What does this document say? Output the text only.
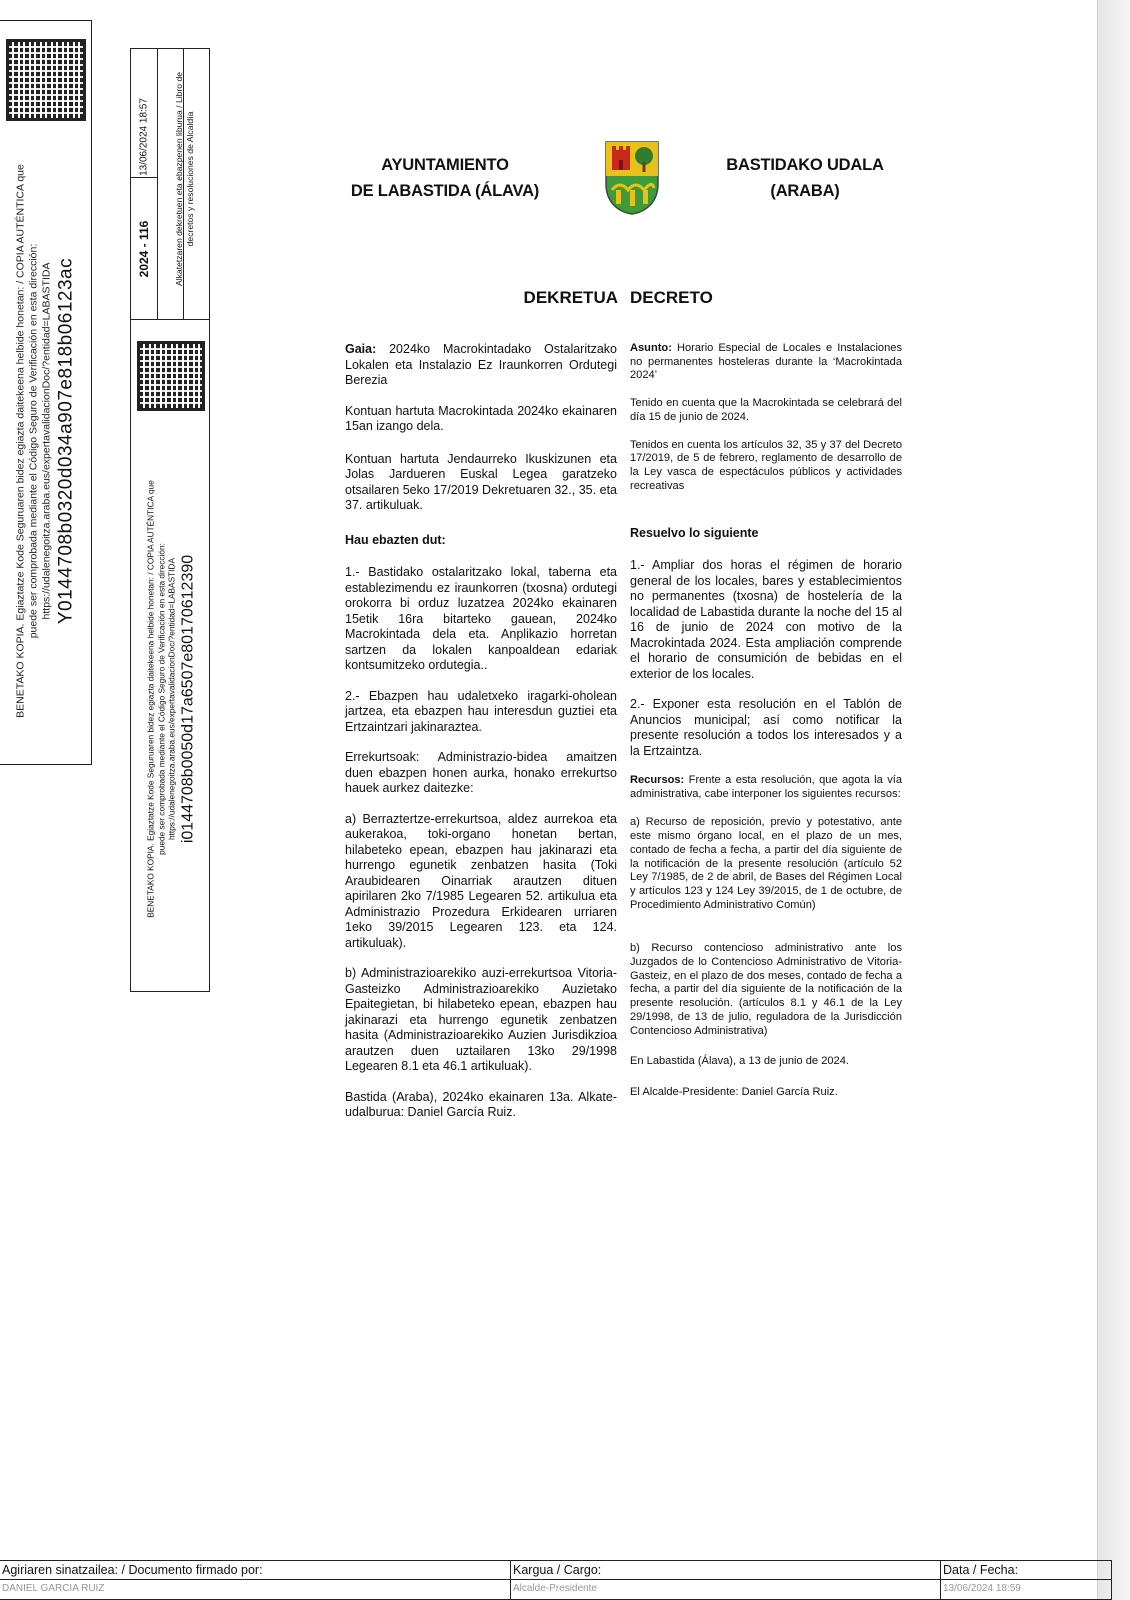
BENETAKO KOPIA. Egiaztatze Kode Seguruaren bidez egiazta daitekeena helbide honetan: / COPIA AUTÉNTICA que puede ser comprobada mediante el Código Seguro de Verificación en esta dirección: https://udalenegoitza.araba.eus/expertavalidacionDoc/?entidad=LABASTIDA Y0144708b0320d034a907e818b06123ac
13/06/2024 18:57
2024 - 116	Alkatetzaren dekretuen eta ebazpenen liburua / Libro de decretos y resoluciones de Alcaldía
BENETAKO KOPIA. Egiaztatze Kode Seguruaren bidez egiazta daitekeena helbide honetan: / COPIA AUTÉNTICA que puede ser comprobada mediante el Código Seguro de Verificación en esta dirección: https://udalenegoitza.araba.eus/expertavalidacionDoc/?entidad=LABASTIDA i0144708b0050d17a6507e80170612390
AYUNTAMIENTO
DE LABASTIDA (ÁLAVA)
BASTIDAKO UDALA
(ARABA)
DEKRETUA DECRETO

Gaia: 2024ko Macrokintadako Ostalaritzako Lokalen eta Instalazio Ez Iraunkorren Ordutegi Berezia

Kontuan hartuta Macrokintada 2024ko ekainaren 15an izango dela.

Kontuan hartuta Jendaurreko Ikuskizunen eta Jolas Jardueren Euskal Legea garatzeko otsailaren 5eko 17/2019 Dekretuaren 32., 35. eta 37. artikuluak.

Hau ebazten dut:

1.- Bastidako ostalaritzako lokal, taberna eta establezimendu ez iraunkorren (txosna) ordutegi orokorra bi orduz luzatzea 2024ko ekainaren 15etik 16ra bitarteko gauean, 2024ko Macrokintada dela eta. Anplikazio horretan sartzen da lokalen kanpoaldean edariak kontsumitzeko ordutegia..

2.- Ebazpen hau udaletxeko iragarki-oholean jartzea, eta ebazpen hau interesdun guztiei eta Ertzaintzari jakinaraztea.

Errekurtsoak: Administrazio-bidea amaitzen duen ebazpen honen aurka, honako errekurtso hauek aurkez daitezke:

a) Berraztertze-errekurtsoa, aldez aurrekoa eta aukerakoa, toki-organo honetan bertan, hilabeteko epean, ebazpen hau jakinarazi eta hurrengo egunetik zenbatzen hasita (Toki Araubidearen Oinarriak arautzen dituen apirilaren 2ko 7/1985 Legearen 52. artikulua eta Administrazio Prozedura Erkidearen urriaren 1eko 39/2015 Legearen 123. eta 124. artikuluak).

b) Administrazioarekiko auzi-errekurtsoa Vitoria-Gasteizko Administrazioarekiko Auzietako Epaitegietan, bi hilabeteko epean, ebazpen hau jakinarazi eta hurrengo egunetik zenbatzen hasita (Administrazioarekiko Auzien Jurisdikzioa arautzen duen uztailaren 13ko 29/1998 Legearen 8.1 eta 46.1 artikuluak).

Bastida (Araba), 2024ko ekainaren 13a. Alkate-udalburua: Daniel García Ruiz.

Asunto: Horario Especial de Locales e Instalaciones no permanentes hosteleras durante la ‘Macrokintada 2024’

Tenido en cuenta que la Macrokintada se celebrará del día 15 de junio de 2024.

Tenidos en cuenta los artículos 32, 35 y 37 del Decreto 17/2019, de 5 de febrero, reglamento de desarrollo de la Ley vasca de espectáculos públicos y actividades recreativas

Resuelvo lo siguiente

1.- Ampliar dos horas el régimen de horario general de los locales, bares y establecimientos no permanentes (txosna) de hostelería de la localidad de Labastida durante la noche del 15 al 16 de junio de 2024 con motivo de la Macrokintada 2024. Esta ampliación comprende el horario de consumición de bebidas en el exterior de los locales.

2.- Exponer esta resolución en el Tablón de Anuncios municipal; así como notificar la presente resolución a todos los interesados y a la Ertzaintza.

Recursos: Frente a esta resolución, que agota la vía administrativa, cabe interponer los siguientes recursos:

a) Recurso de reposición, previo y potestativo, ante este mismo órgano local, en el plazo de un mes, contado de fecha a fecha, a partir del día siguiente de la notificación de la presente resolución (artículo 52 Ley 7/1985, de 2 de abril, de Bases del Régimen Local y artículos 123 y 124 Ley 39/2015, de 1 de octubre, de Procedimiento Administrativo Común)

b) Recurso contencioso administrativo ante los Juzgados de lo Contencioso Administrativo de Vitoria-Gasteiz, en el plazo de dos meses, contado de fecha a fecha, a partir del día siguiente de la notificación de la presente resolución. (artículos 8.1 y 46.1 de la Ley 29/1998, de 13 de julio, reguladora de la Jurisdicción Contencioso Administrativa)

En Labastida (Álava), a 13 de junio de 2024.

El Alcalde-Presidente: Daniel García Ruiz.

Agiriaren sinatzailea: / Documento firmado por:
DANIEL GARCIA RUIZ
Kargua / Cargo:
Alcalde-Presidente
Data / Fecha:
13/06/2024 18:59
